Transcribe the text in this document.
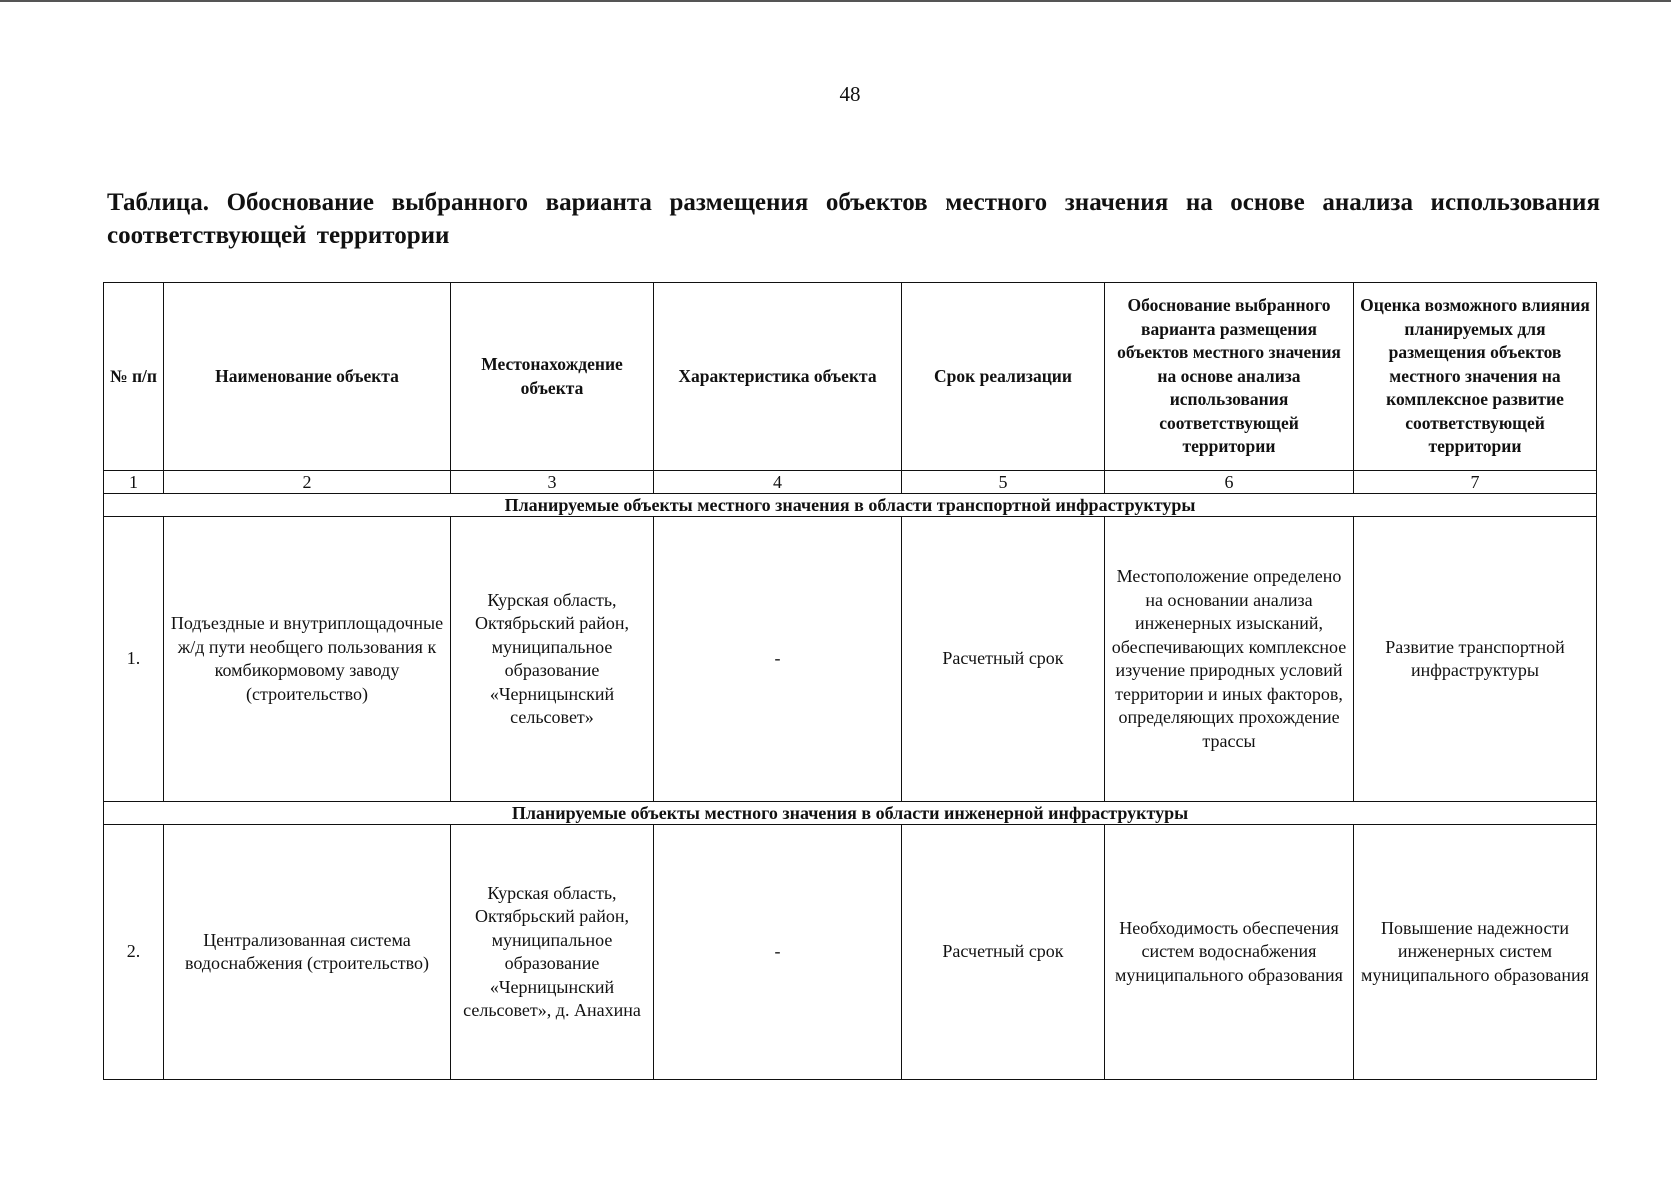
48
Таблица. Обоснование выбранного варианта размещения объектов местного значения на основе анализа использования соответствующей территории
№ п/п	Наименование объекта	Местонахождение объекта	Характеристика объекта	Срок реализации	Обоснование выбранного варианта размещения объектов местного значения на основе анализа использования соответствующей территории	Оценка возможного влияния планируемых для размещения объектов местного значения на комплексное развитие соответствующей территории
1	2	3	4	5	6	7
Планируемые объекты местного значения в области транспортной инфраструктуры						
1.	Подъездные и внутриплощадочные ж/д пути необщего пользования к комбикормовому заводу (строительство)	Курская область, Октябрьский район, муниципальное образование «Черницынский сельсовет»	-	Расчетный срок	Местоположение определено на основании анализа инженерных изысканий, обеспечивающих комплексное изучение природных условий территории и иных факторов, определяющих прохождение трассы	Развитие транспортной инфраструктуры
Планируемые объекты местного значения в области инженерной инфраструктуры						
2.	Централизованная система водоснабжения (строительство)	Курская область, Октябрьский район, муниципальное образование «Черницынский сельсовет», д. Анахина	-	Расчетный срок	Необходимость обеспечения систем водоснабжения муниципального образования	Повышение надежности инженерных систем муниципального образования
